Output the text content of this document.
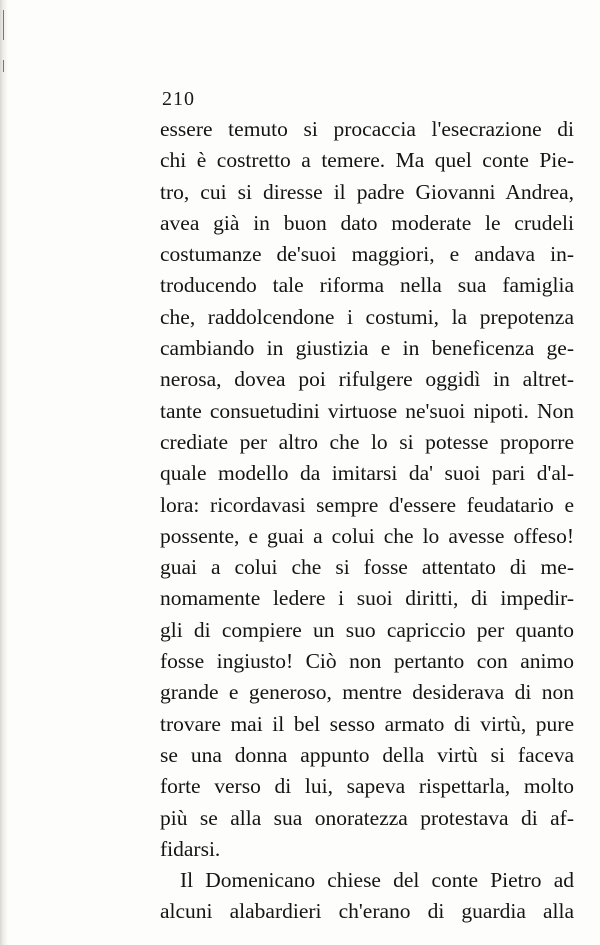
210
essere temuto si procaccia l'esecrazione di
chi è costretto a temere. Ma quel conte Pie-
tro, cui si diresse il padre Giovanni Andrea,
avea già in buon dato moderate le crudeli
costumanze de'suoi maggiori, e andava in-
troducendo tale riforma nella sua famiglia
che, raddolcendone i costumi, la prepotenza
cambiando in giustizia e in beneficenza ge-
nerosa, dovea poi rifulgere oggidì in altret-
tante consuetudini virtuose ne'suoi nipoti. Non
crediate per altro che lo si potesse proporre
quale modello da imitarsi da' suoi pari d'al-
lora: ricordavasi sempre d'essere feudatario e
possente, e guai a colui che lo avesse offeso!
guai a colui che si fosse attentato di me-
nomamente ledere i suoi diritti, di impedir-
gli di compiere un suo capriccio per quanto
fosse ingiusto! Ciò non pertanto con animo
grande e generoso, mentre desiderava di non
trovare mai il bel sesso armato di virtù, pure
se una donna appunto della virtù si faceva
forte verso di lui, sapeva rispettarla, molto
più se alla sua onoratezza protestava di af-
fidarsi.
Il Domenicano chiese del conte Pietro ad
alcuni alabardieri ch'erano di guardia alla
